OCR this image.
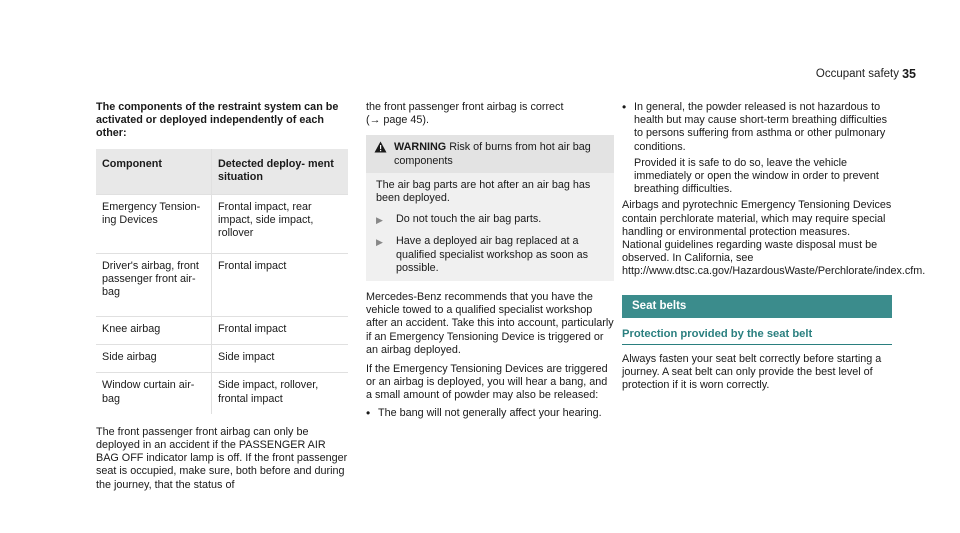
Occupant safety 35
The components of the restraint system can be activated or deployed independently of each other:
Component	Detected deploy- ment situation
Emergency Tension- ing Devices	Frontal impact, rear impact, side impact, rollover
Driver's airbag, front passenger front air- bag	Frontal impact
Knee airbag	Frontal impact
Side airbag	Side impact
Window curtain air- bag	Side impact, rollover, frontal impact

The front passenger front airbag can only be deployed in an accident if the PASSENGER AIR BAG OFF indicator lamp is off. If the front passenger seat is occupied, make sure, both before and during the journey, that the status of

the front passenger front airbag is correct

(→ page 45).

WARNING Risk of burns from hot air bag components
The air bag parts are hot after an air bag has been deployed.
▶	Do not touch the air bag parts.
▶	Have a deployed air bag replaced at a qualified specialist workshop as soon as possible.

Mercedes-Benz recommends that you have the vehicle towed to a qualified specialist workshop after an accident. Take this into account, particularly if an Emergency Tensioning Device is triggered or an airbag deployed.

If the Emergency Tensioning Devices are triggered or an airbag is deployed, you will hear a bang, and a small amount of powder may also be released:

• The bang will not generally affect your hearing.
• In general, the powder released is not hazardous to health but may cause short-term breathing difficulties to persons suffering from asthma or other pulmonary conditions.
Provided it is safe to do so, leave the vehicle immediately or open the window in order to prevent breathing difficulties.

Airbags and pyrotechnic Emergency Tensioning Devices contain perchlorate material, which may require special handling or environmental protection measures. National guidelines regarding waste disposal must be observed. In California, see http://www.dtsc.ca.gov/HazardousWaste/Perchlorate/index.cfm.

Seat belts
Protection provided by the seat belt

Always fasten your seat belt correctly before starting a journey. A seat belt can only provide the best level of protection if it is worn correctly.
